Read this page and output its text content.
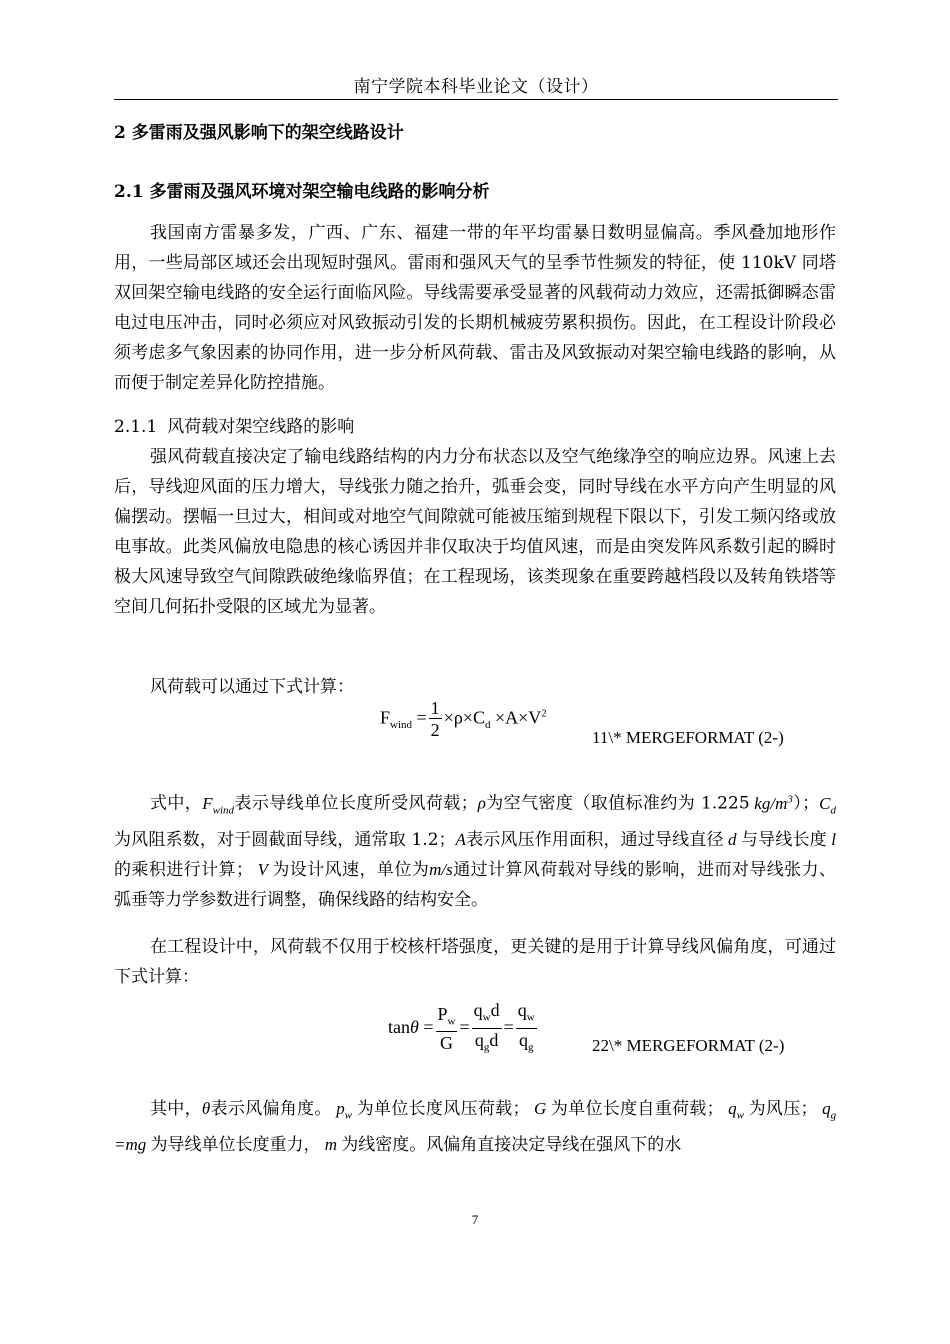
南宁学院本科毕业论文（设计）
2 多雷雨及强风影响下的架空线路设计
2.1 多雷雨及强风环境对架空输电线路的影响分析
我国南方雷暴多发，广西、广东、福建一带的年平均雷暴日数明显偏高。季风叠加地形作用，一些局部区域还会出现短时强风。雷雨和强风天气的呈季节性频发的特征，使 110kV 同塔双回架空输电线路的安全运行面临风险。导线需要承受显著的风载荷动力效应，还需抵御瞬态雷电过电压冲击，同时必须应对风致振动引发的长期机械疲劳累积损伤。因此，在工程设计阶段必须考虑多气象因素的协同作用，进一步分析风荷载、雷击及风致振动对架空输电线路的影响，从而便于制定差异化防控措施。
2.1.1 风荷载对架空线路的影响
强风荷载直接决定了输电线路结构的内力分布状态以及空气绝缘净空的响应边界。风速上去后，导线迎风面的压力增大，导线张力随之抬升，弧垂会变，同时导线在水平方向产生明显的风偏摆动。摆幅一旦过大，相间或对地空气间隙就可能被压缩到规程下限以下，引发工频闪络或放电事故。此类风偏放电隐患的核心诱因并非仅取决于均值风速，而是由突发阵风系数引起的瞬时极大风速导致空气间隙跌破绝缘临界值；在工程现场，该类现象在重要跨越档段以及转角铁塔等空间几何拓扑受限的区域尤为显著。
风荷载可以通过下式计算：
$F_{wind} = \frac{1}{2} \times\rho\times C_d \times A\times V^2$
11\* MERGEFORMAT (2-)
式中，$F_{wind}$表示导线单位长度所受风荷载；ρ为空气密度（取值标准约为 1.225 $kg/m^3$）；$C_d$为风阻系数，对于圆截面导线，通常取 1.2；A表示风压作用面积，通过导线直径 d 与导线长度 l 的乘积进行计算； V 为设计风速，单位为m/s通过计算风荷载对导线的影响，进而对导线张力、弧垂等力学参数进行调整，确保线路的结构安全。
在工程设计中，风荷载不仅用于校核杆塔强度，更关键的是用于计算导线风偏角度，可通过下式计算：
$\tan\theta = \frac{P_w}{G} = \frac{q_wd}{q_gd} = \frac{q_w}{q_g}$	22\* MERGEFORMAT (2-)
其中，θ表示风偏角度。 $p_w$ 为单位长度风压荷载； G 为单位长度自重荷载； $q_w$ 为风压； $q_g =mg$ 为导线单位长度重力， m 为线密度。风偏角直接决定导线在强风下的水
7
